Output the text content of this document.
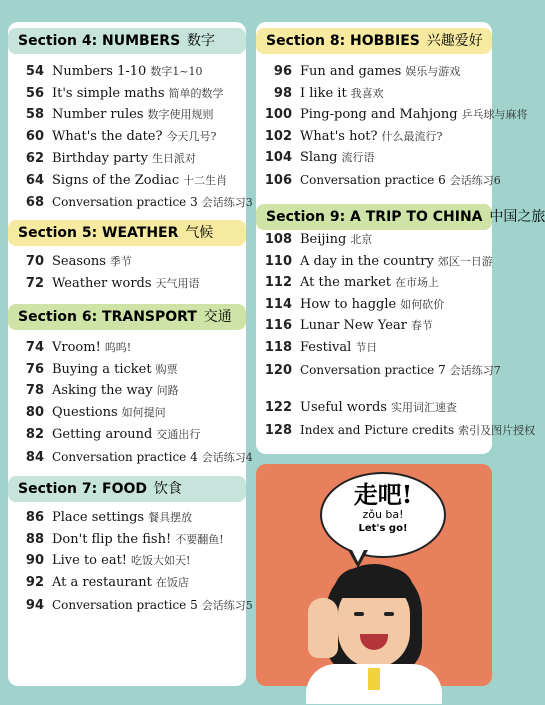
走吧!
zǒu ba!
Let's go!
Section 4: NUMBERS 数字
54 Numbers 1-10 数字1~10
56 It's simple maths 简单的数学
58 Number rules 数字使用规则
60 What's the date? 今天几号?
62 Birthday party 生日派对
64 Signs of the Zodiac 十二生肖
68 Conversation practice 3 会话练习3
Section 5: WEATHER 气候
70 Seasons 季节
72 Weather words 天气用语
Section 6: TRANSPORT 交通
74 Vroom! 呜呜!
76 Buying a ticket 购票
78 Asking the way 问路
80 Questions 如何提问
82 Getting around 交通出行
84 Conversation practice 4 会话练习4
Section 7: FOOD 饮食
86 Place settings 餐具摆放
88 Don't flip the fish! 不要翻鱼!
90 Live to eat! 吃饭大如天!
92 At a restaurant 在饭店
94 Conversation practice 5 会话练习5
Section 8: HOBBIES 兴趣爱好
96 Fun and games 娱乐与游戏
98 I like it 我喜欢
100 Ping-pong and Mahjong 乒乓球与麻将
102 What's hot? 什么最流行?
104 Slang 流行语
106 Conversation practice 6 会话练习6
Section 9: A TRIP TO CHINA 中国之旅
108 Beijing 北京
110 A day in the country 郊区一日游
112 At the market 在市场上
114 How to haggle 如何砍价
116 Lunar New Year 春节
118 Festival 节日
120 Conversation practice 7 会话练习7
122 Useful words 实用词汇速查
128 Index and Picture credits 索引及图片授权
